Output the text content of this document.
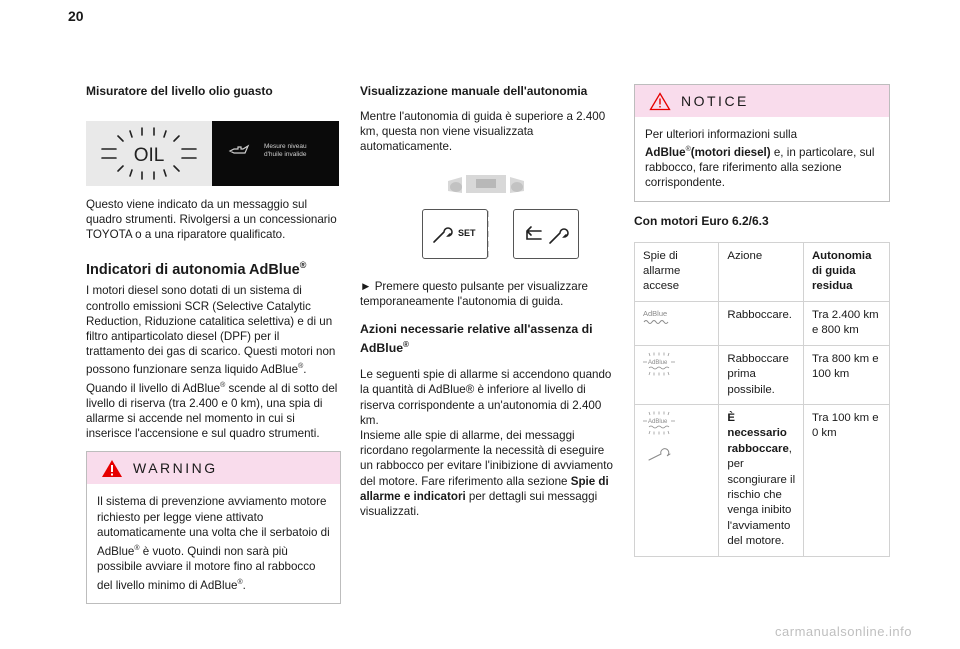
20
Misuratore del livello olio guasto
OIL	Mesure niveau
d'huile invalide

Questo viene indicato da un messaggio sul quadro strumenti. Rivolgersi a un concessionario TOYOTA o a una riparatore qualificato.

Indicatori di autonomia AdBlue®

I motori diesel sono dotati di un sistema di controllo emissioni SCR (Selective Catalytic Reduction, Riduzione catalitica selettiva) e di un filtro antiparticolato diesel (DPF) per il trattamento dei gas di scarico. Questi motori non possono funzionare senza liquido AdBlue®. Quando il livello di AdBlue® scende al di sotto del livello di riserva (tra 2.400 e 0 km), una spia di allarme si accende nel momento in cui si inserisce l'accensione e sul quadro strumenti.

WARNING

Il sistema di prevenzione avviamento motore richiesto per legge viene attivato automaticamente una volta che il serbatoio di AdBlue® è vuoto. Quindi non sarà più possibile avviare il motore fino al rabbocco del livello minimo di AdBlue®.

Visualizzazione manuale dell'autonomia

Mentre l'autonomia di guida è superiore a 2.400 km, questa non viene visualizzata automaticamente.

SET

► Premere questo pulsante per visualizzare temporaneamente l'autonomia di guida.

Azioni necessarie relative all'assenza di AdBlue®

Le seguenti spie di allarme si accendono quando la quantità di AdBlue® è inferiore al livello di riserva corrispondente a un'autonomia di 2.400 km.

Insieme alle spie di allarme, dei messaggi ricordano regolarmente la necessità di eseguire un rabbocco per evitare l'inibizione di avviamento del motore. Fare riferimento alla sezione Spie di allarme e indicatori per dettagli sui messaggi visualizzati.

NOTICE

Per ulteriori informazioni sulla AdBlue®(motori diesel) e, in particolare, sul rabbocco, fare riferimento alla sezione corrispondente.

Con motori Euro 6.2/6.3
Spie di allarme accese	Azione	Autonomia di guida residua

AdBlue	Rabboccare.	Tra 2.400 km e 800 km

AdBlue	Rabboccare prima possibile.	Tra 800 km e 100 km

AdBlue	È necessario rabboccare, per scongiurare il rischio che venga inibito l'avviamento del motore.	Tra 100 km e 0 km
carmanualsonline.info
